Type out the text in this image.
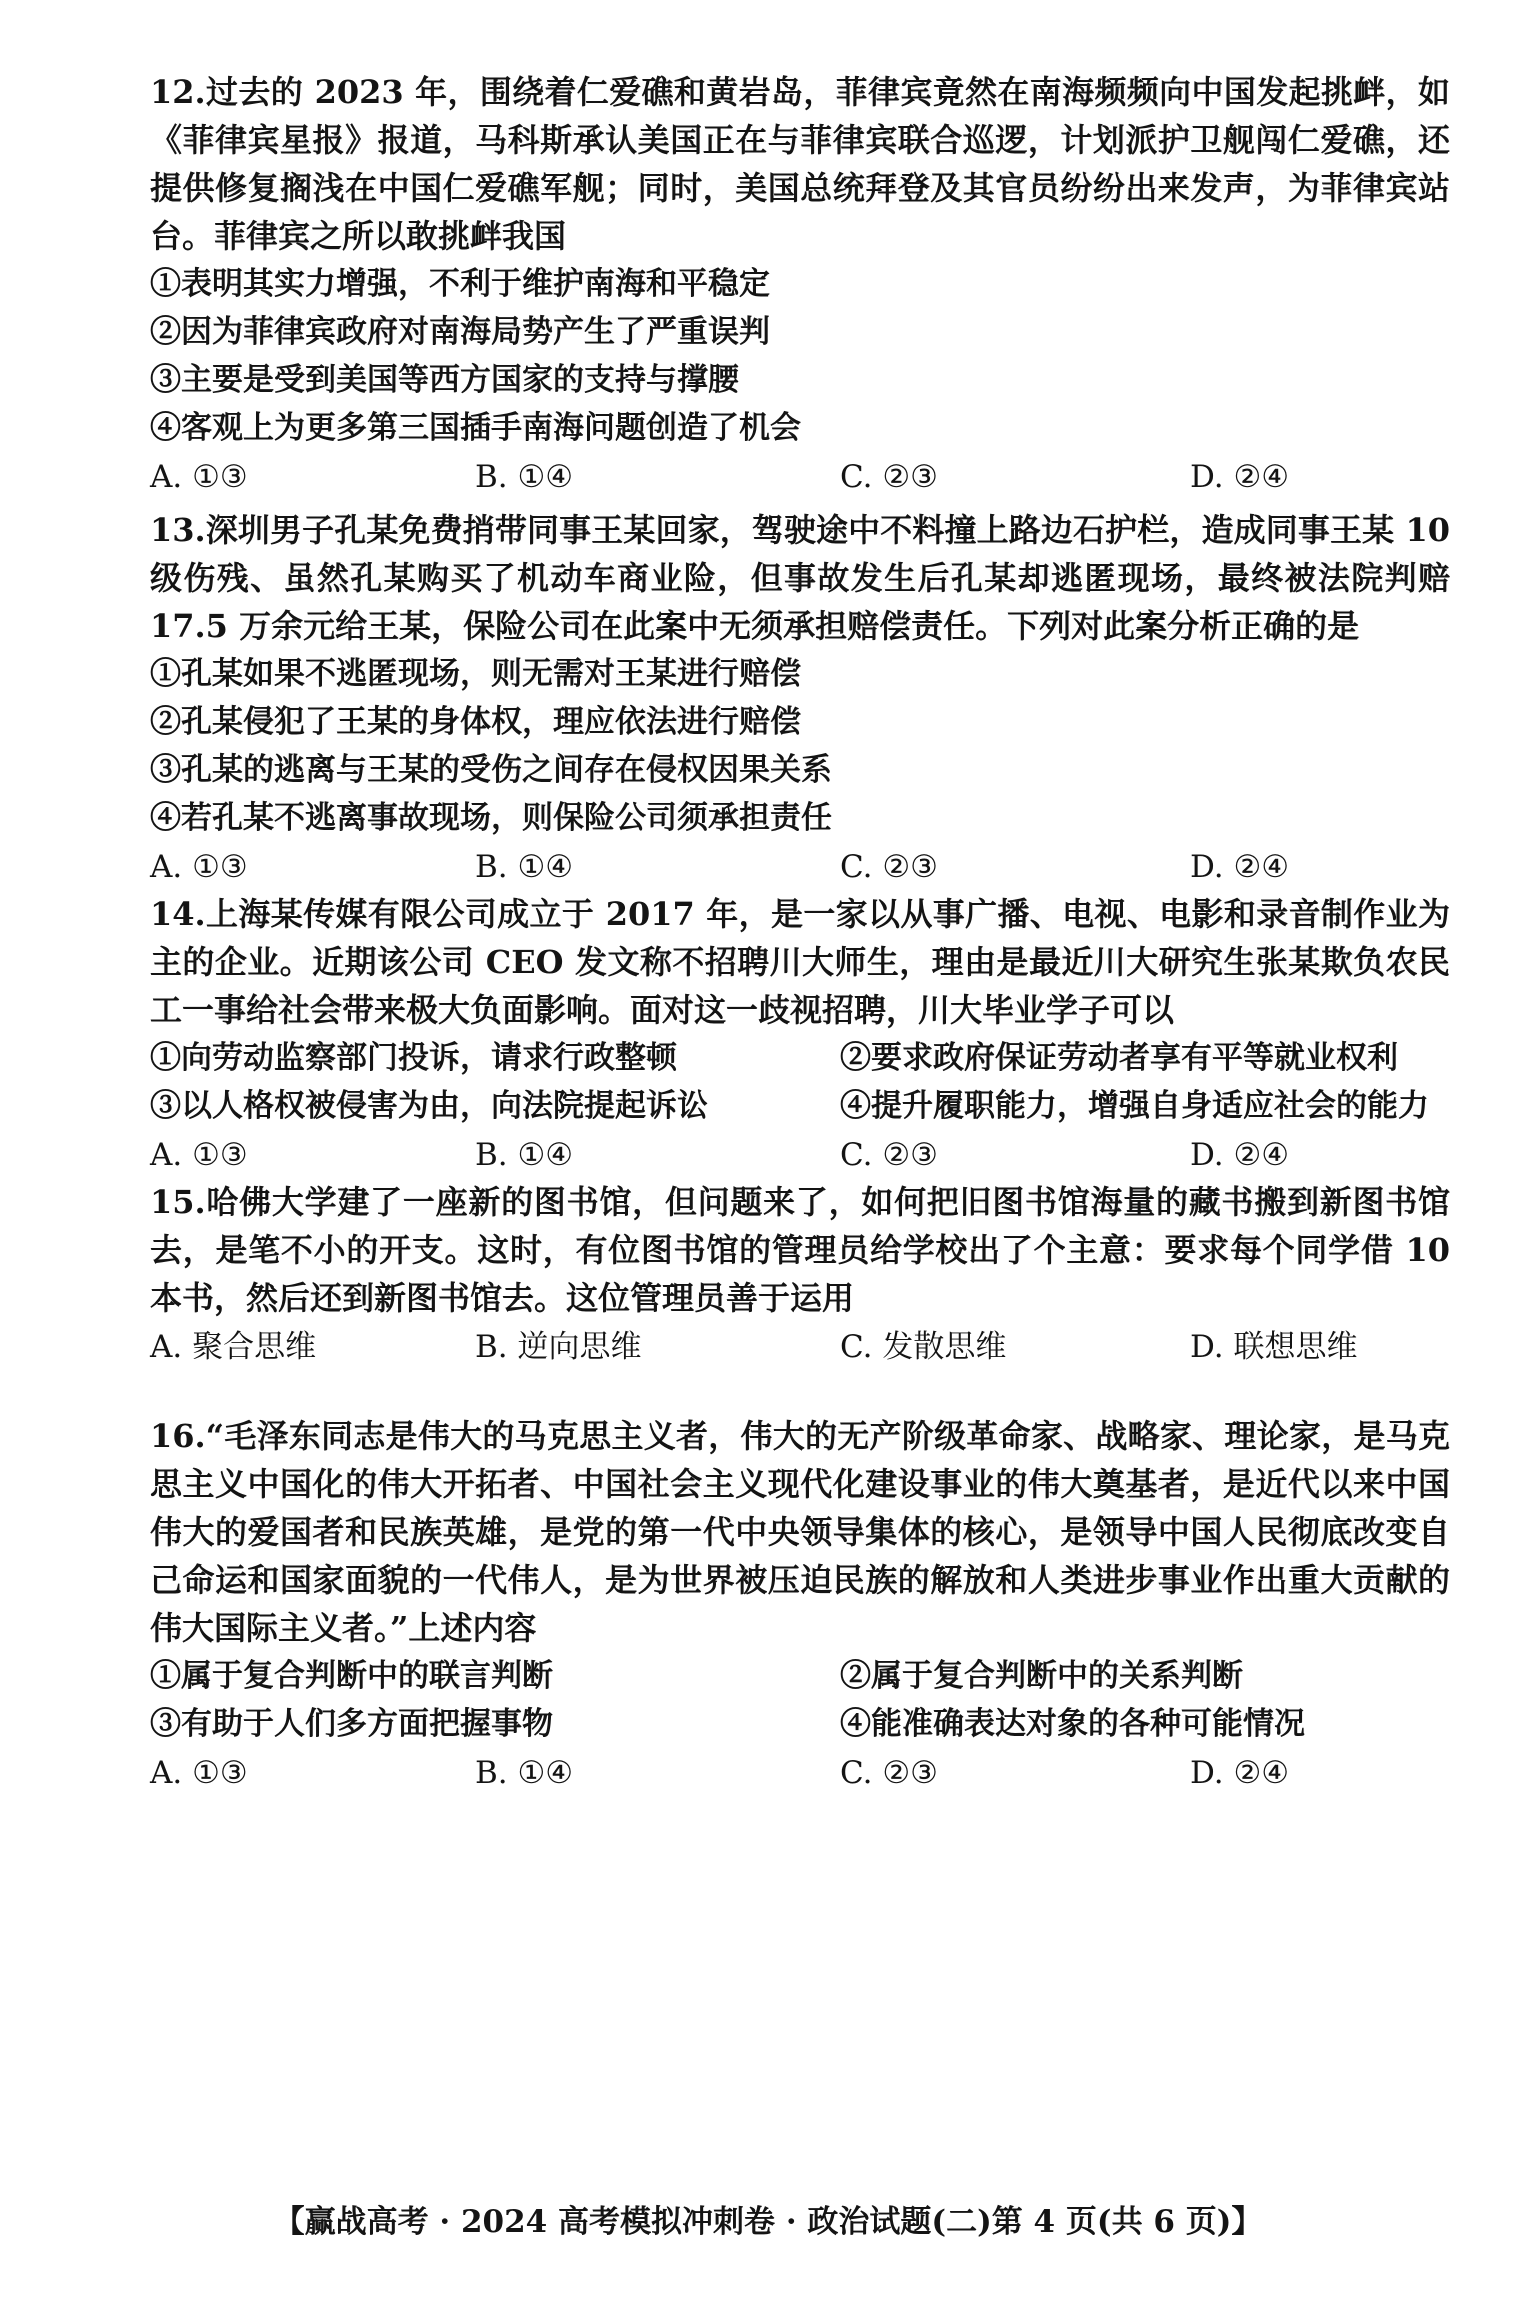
12.过去的 2023 年，围绕着仁爱礁和黄岩岛，菲律宾竟然在南海频频向中国发起挑衅，如《菲律宾星报》报道，马科斯承认美国正在与菲律宾联合巡逻，计划派护卫舰闯仁爱礁，还提供修复搁浅在中国仁爱礁军舰；同时，美国总统拜登及其官员纷纷出来发声，为菲律宾站台。菲律宾之所以敢挑衅我国

①表明其实力增强，不利于维护南海和平稳定
②因为菲律宾政府对南海局势产生了严重误判
③主要是受到美国等西方国家的支持与撑腰
④客观上为更多第三国插手南海问题创造了机会
A. ①③	B. ①④	C. ②③	D. ②④

13.深圳男子孔某免费捎带同事王某回家，驾驶途中不料撞上路边石护栏，造成同事王某 10 级伤残、虽然孔某购买了机动车商业险，但事故发生后孔某却逃匿现场，最终被法院判赔 17.5 万余元给王某，保险公司在此案中无须承担赔偿责任。下列对此案分析正确的是

①孔某如果不逃匿现场，则无需对王某进行赔偿
②孔某侵犯了王某的身体权，理应依法进行赔偿
③孔某的逃离与王某的受伤之间存在侵权因果关系
④若孔某不逃离事故现场，则保险公司须承担责任
A. ①③	B. ①④	C. ②③	D. ②④

14.上海某传媒有限公司成立于 2017 年，是一家以从事广播、电视、电影和录音制作业为主的企业。近期该公司 CEO 发文称不招聘川大师生，理由是最近川大研究生张某欺负农民工一事给社会带来极大负面影响。面对这一歧视招聘，川大毕业学子可以

①向劳动监察部门投诉，请求行政整顿	②要求政府保证劳动者享有平等就业权利
③以人格权被侵害为由，向法院提起诉讼	④提升履职能力，增强自身适应社会的能力
A. ①③	B. ①④	C. ②③	D. ②④

15.哈佛大学建了一座新的图书馆，但问题来了，如何把旧图书馆海量的藏书搬到新图书馆去，是笔不小的开支。这时，有位图书馆的管理员给学校出了个主意：要求每个同学借 10 本书，然后还到新图书馆去。这位管理员善于运用

A. 聚合思维	B. 逆向思维	C. 发散思维	D. 联想思维

16.“毛泽东同志是伟大的马克思主义者，伟大的无产阶级革命家、战略家、理论家，是马克思主义中国化的伟大开拓者、中国社会主义现代化建设事业的伟大奠基者，是近代以来中国伟大的爱国者和民族英雄，是党的第一代中央领导集体的核心，是领导中国人民彻底改变自己命运和国家面貌的一代伟人，是为世界被压迫民族的解放和人类进步事业作出重大贡献的伟大国际主义者。”上述内容

①属于复合判断中的联言判断	②属于复合判断中的关系判断
③有助于人们多方面把握事物	④能准确表达对象的各种可能情况
A. ①③	B. ①④	C. ②③	D. ②④
【赢战高考 · 2024 高考模拟冲刺卷 · 政治试题(二)第 4 页(共 6 页)】
